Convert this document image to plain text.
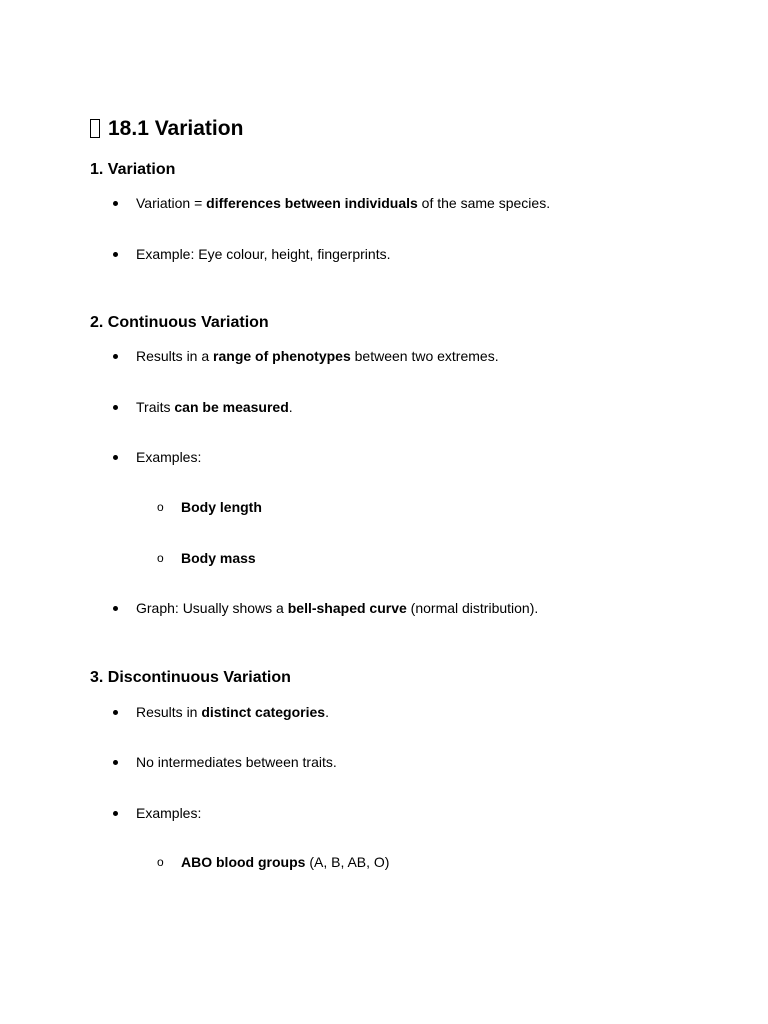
18.1 Variation
1. Variation
Variation = differences between individuals of the same species.
Example: Eye colour, height, fingerprints.
2. Continuous Variation
Results in a range of phenotypes between two extremes.
Traits can be measured.
Examples:
o Body length
o Body mass
Graph: Usually shows a bell-shaped curve (normal distribution).
3. Discontinuous Variation
Results in distinct categories.
No intermediates between traits.
Examples:
o ABO blood groups (A, B, AB, O)
